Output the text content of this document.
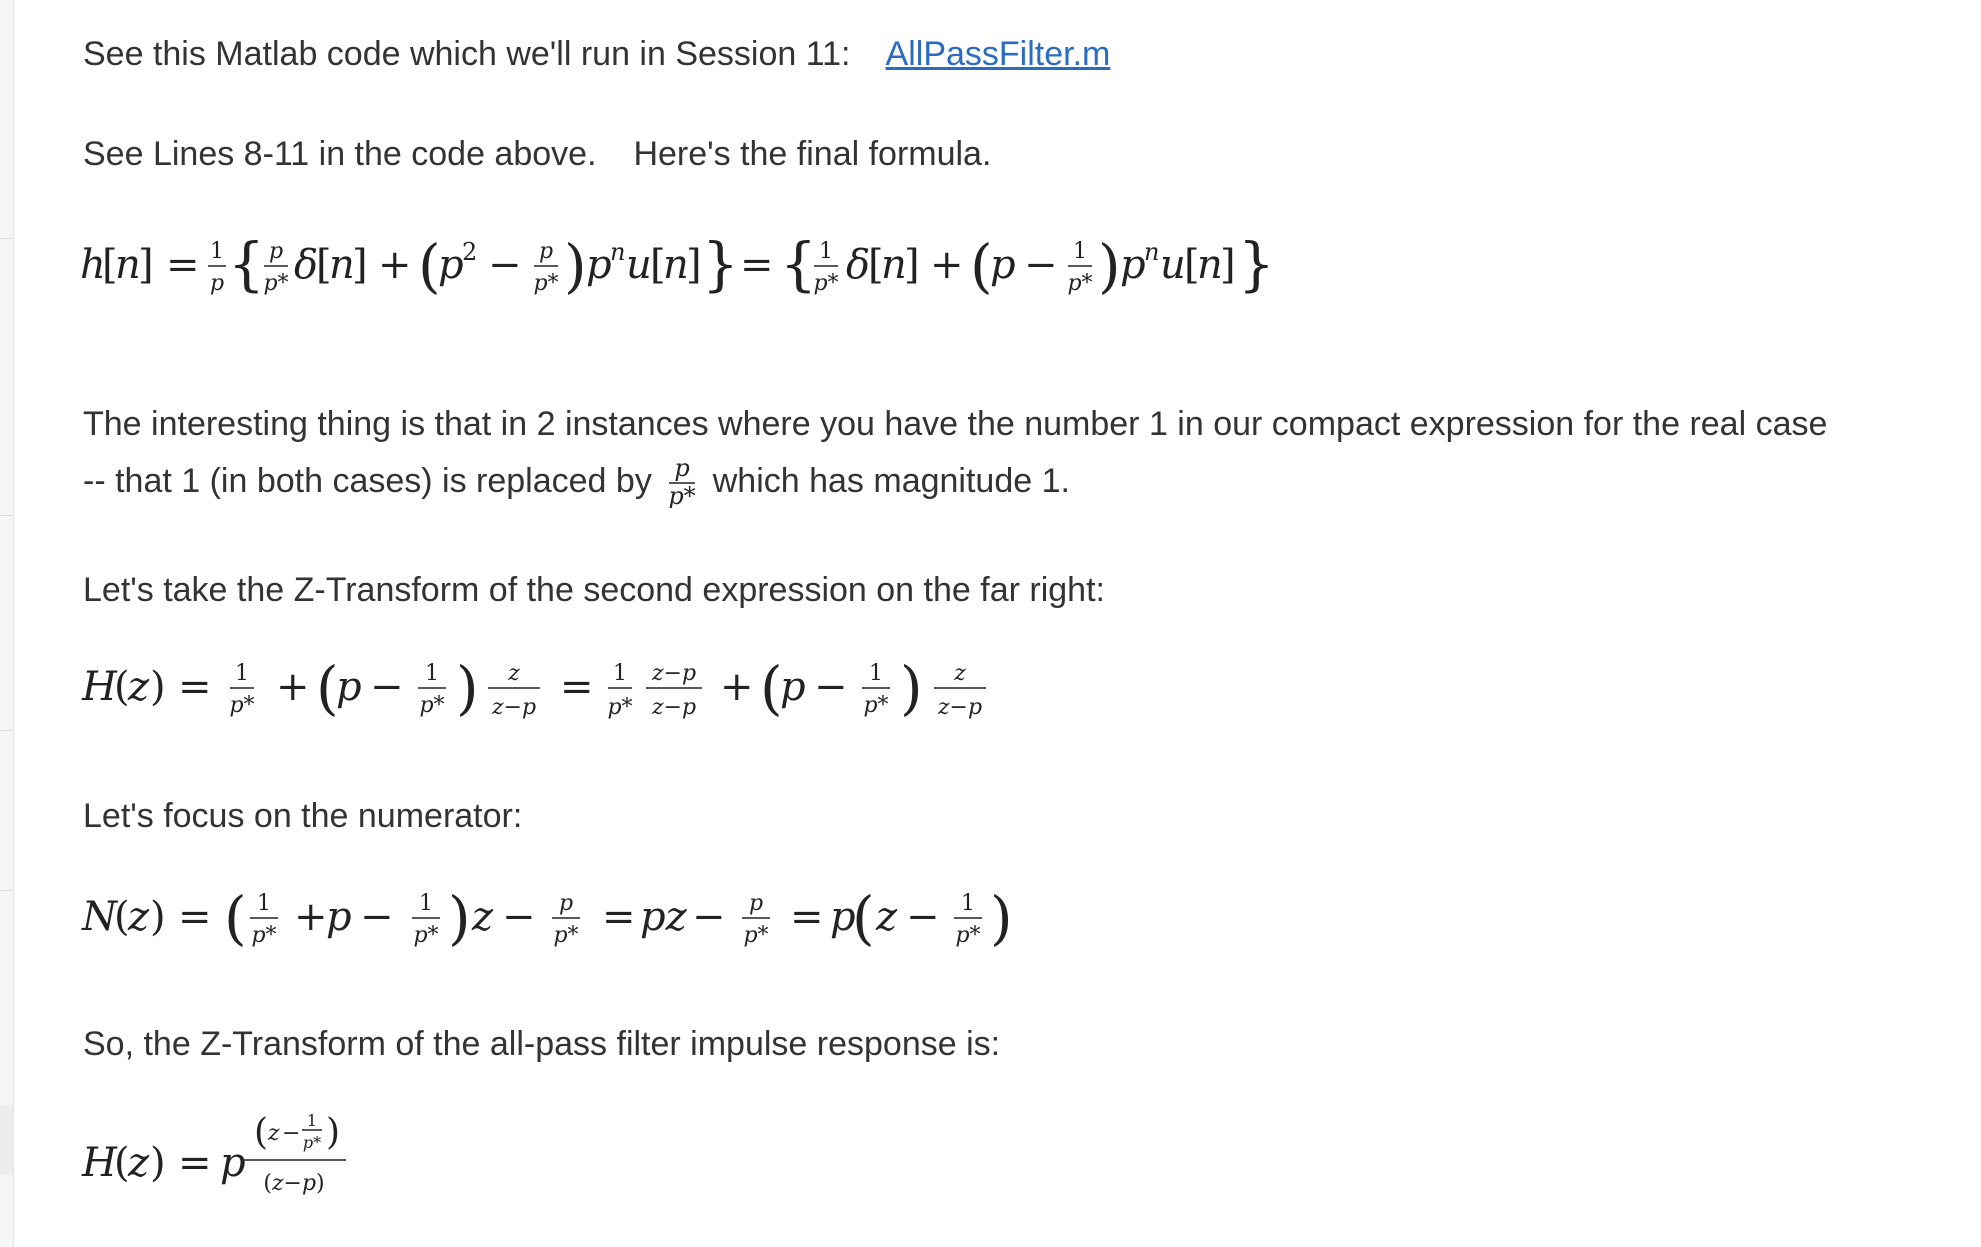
See this Matlab code which we'll run in Session 11: AllPassFilter.m

See Lines 8-11 in the code above. Here's the final formula.

h
[
n
] = 1
p { p
p* δ
[
n
] + (
p
2 − p
p* ) p
n u
[
n
] } = { 1
p* δ
[
n
] + (
p − 1
p* ) p
n u
[
n
] }

The interesting thing is that in 2 instances where you have the number 1 in our compact expression for the real case

-- that 1 (in both cases) is replaced by p
p* which has magnitude 1.

Let's take the Z-Transform of the second expression on the far right:

H
(
z ) = 1
p* + (
p − 1
p* ) z
z−p = 1
p*
z−p
z−p + (
p − 1
p* ) z
z−p

Let's focus on the numerator:

N
(
z ) = ( 1
p* +
p − 1
p* ) z − p
p* = pz − p
p* = p
( z − 1
p* )

So, the Z-Transform of the all-pass filter impulse response is:

H
(
z ) = p
( z −
1
p* )
(z−p)
